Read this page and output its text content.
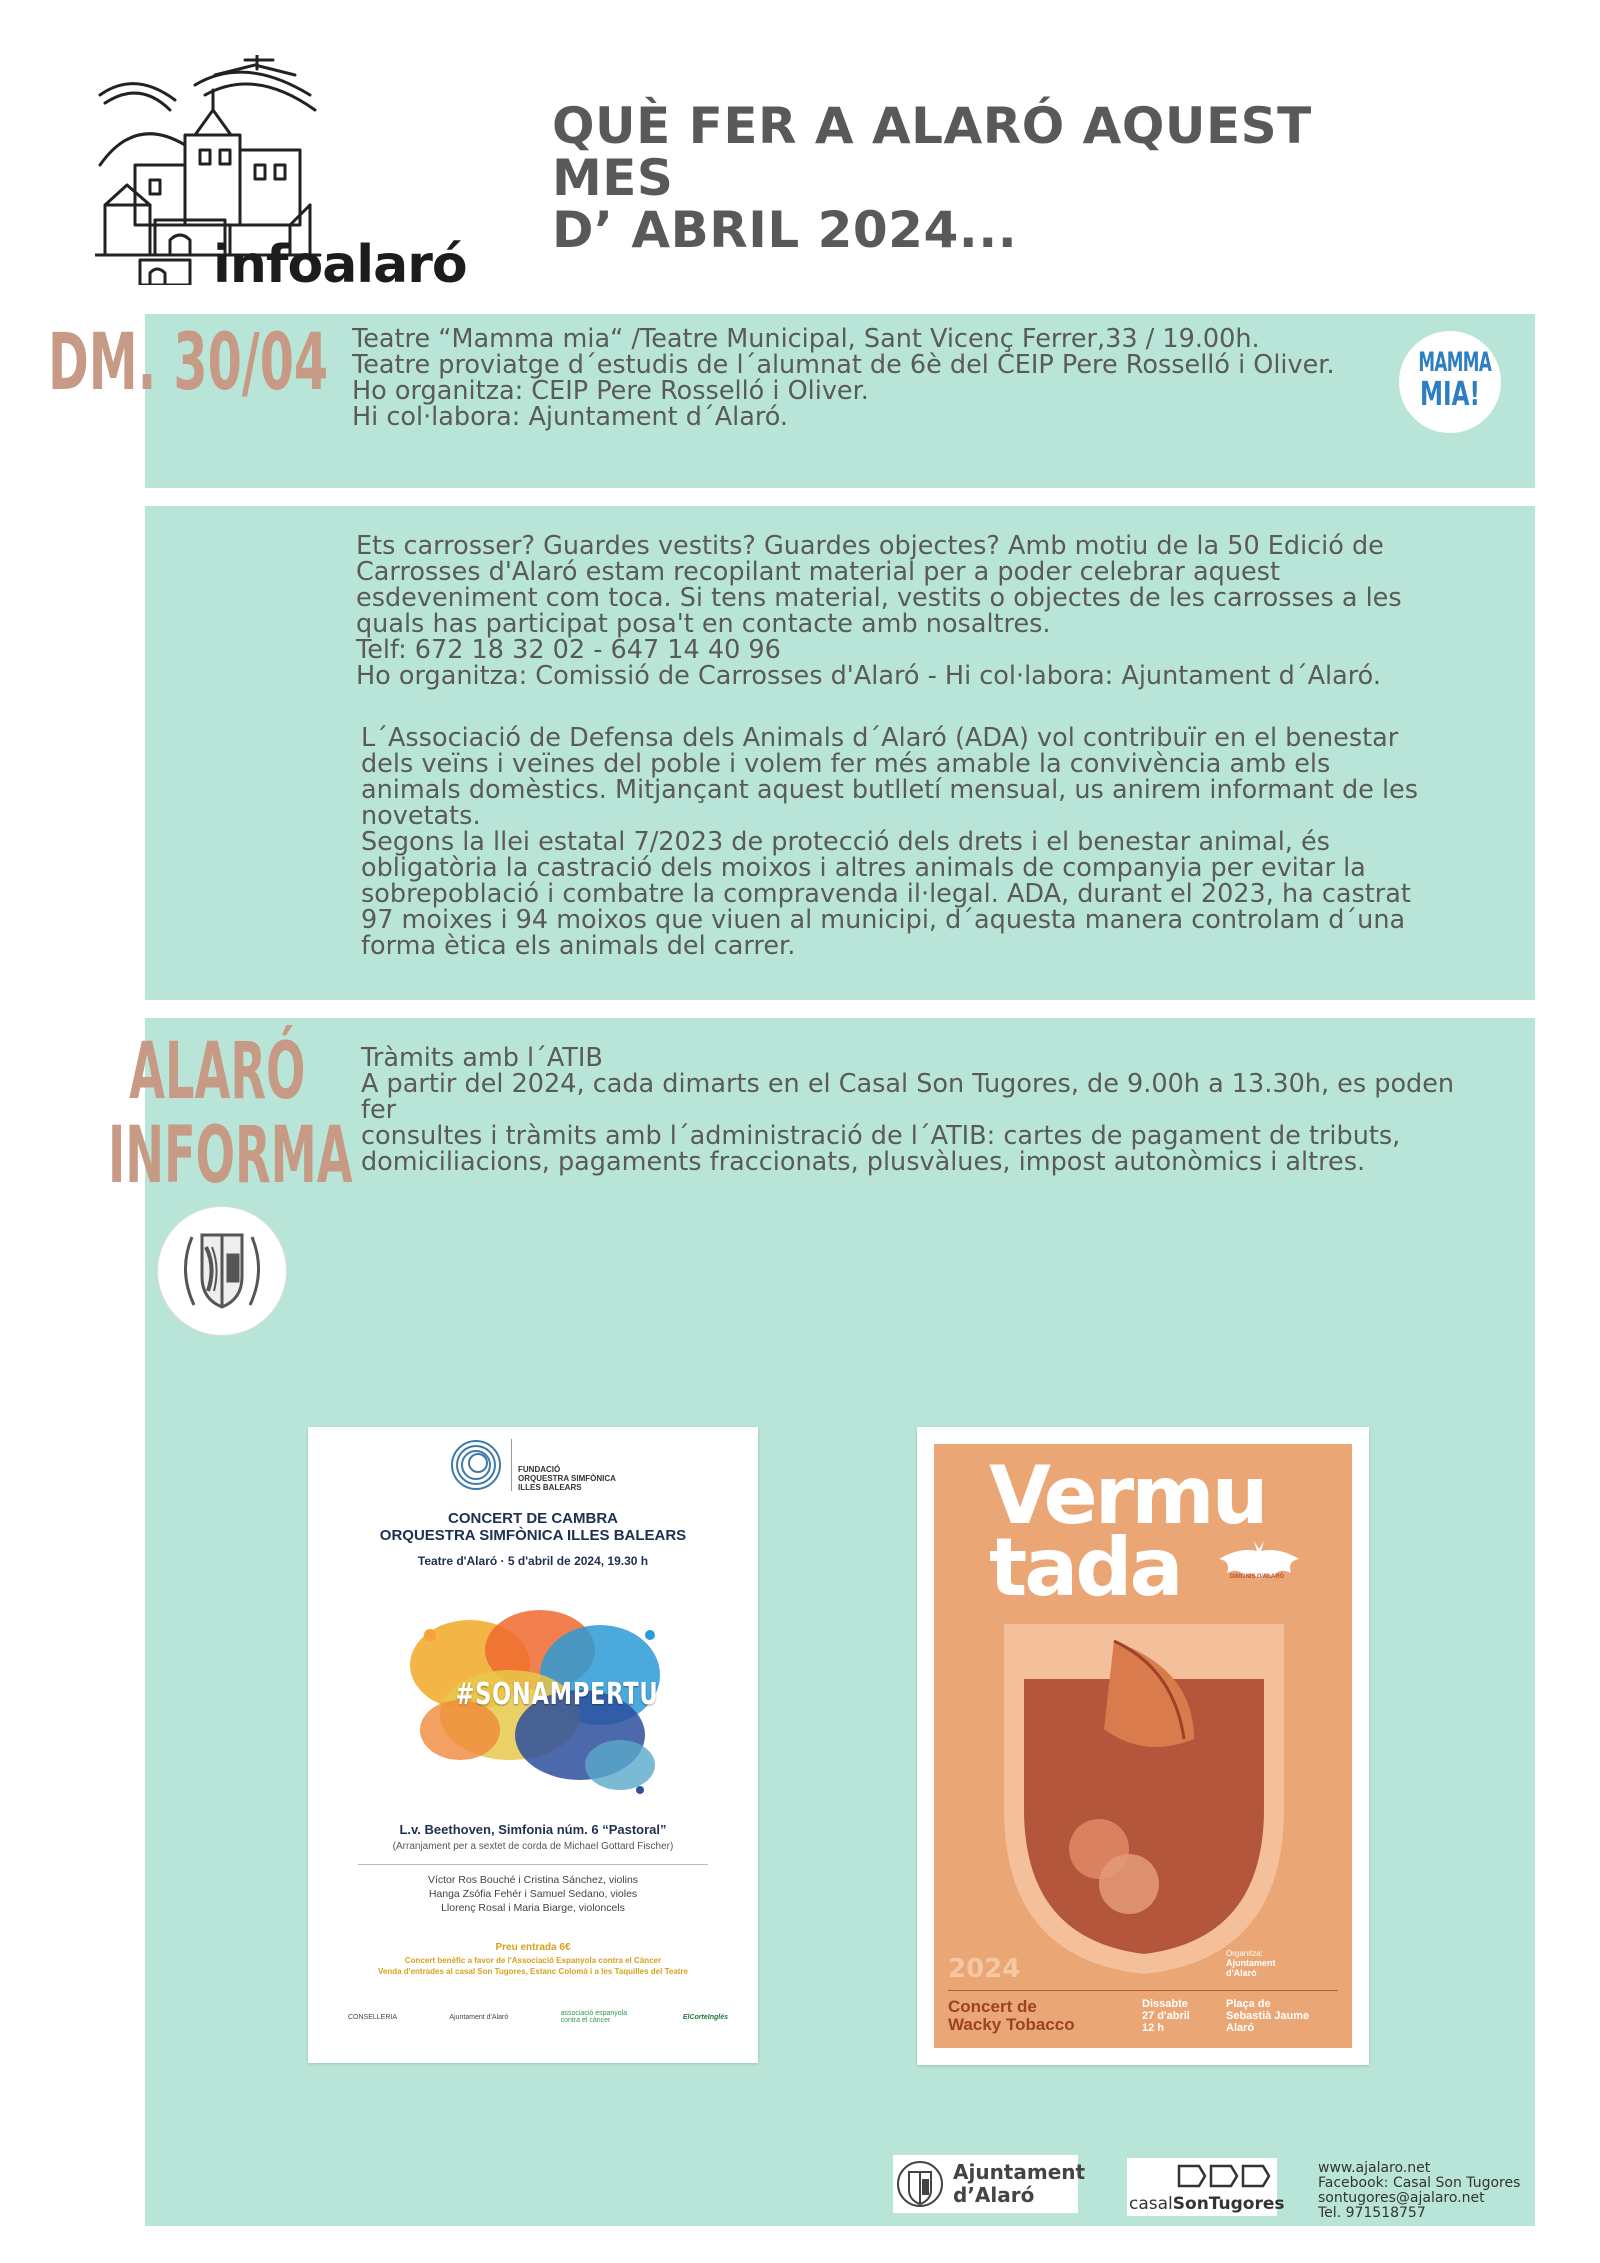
infoalaró
QUÈ FER A ALARÓ AQUEST MES
D’ ABRIL 2024...
DM. 30/04 Teatre “Mamma mia“ /Teatre Municipal, Sant Vicenç Ferrer,33 / 19.00h.
Teatre proviatge d´estudis de l´alumnat de 6è del CEIP Pere Rosselló i Oliver.
Ho organitza: CEIP Pere Rosselló i Oliver.
Hi col·labora: Ajuntament d´Alaró.
MAMMA
MIA!
Ets carrosser? Guardes vestits? Guardes objectes? Amb motiu de la 50 Edició de
Carrosses d'Alaró estam recopilant material per a poder celebrar aquest
esdeveniment com toca. Si tens material, vestits o objectes de les carrosses a les
quals has participat posa't en contacte amb nosaltres.
Telf: 672 18 32 02 - 647 14 40 96
Ho organitza: Comissió de Carrosses d'Alaró - Hi col·labora: Ajuntament d´Alaró.
L´Associació de Defensa dels Animals d´Alaró (ADA) vol contribuïr en el benestar
dels veïns i veïnes del poble i volem fer més amable la convivència amb els
animals domèstics. Mitjançant aquest butlletí mensual, us anirem informant de les
novetats.
Segons la llei estatal 7/2023 de protecció dels drets i el benestar animal, és
obligatòria la castració dels moixos i altres animals de companyia per evitar la
sobrepoblació i combatre la compravenda il·legal. ADA, durant el 2023, ha castrat
97 moixes i 94 moixos que viuen al municipi, d´aquesta manera controlam d´una
forma ètica els animals del carrer.
ALARÓ
INFORMA
Tràmits amb l´ATIB
A partir del 2024, cada dimarts en el Casal Son Tugores, de 9.00h a 13.30h, es poden fer
consultes i tràmits amb l´administració de l´ATIB: cartes de pagament de tributs,
domiciliacions, pagaments fraccionats, plusvàlues, impost autonòmics i altres.
FUNDACIÓ
ORQUESTRA SIMFÒNICA
ILLES BALEARS
CONCERT DE CAMBRA
ORQUESTRA SIMFÒNICA ILLES BALEARS
Teatre d'Alaró · 5 d'abril de 2024, 19.30 h
#SONAMPERTU
L.v. Beethoven, Simfonia núm. 6 “Pastoral”
(Arranjament per a sextet de corda de Michael Gottard Fischer)
Víctor Ros Bouché i Cristina Sánchez, violins
Hanga Zsófia Fehér i Samuel Sedano, violes
Llorenç Rosal i Maria Biarge, violoncels
Preu entrada 6€
Concert benèfic a favor de l'Associació Espanyola contra el Càncer
Venda d'entrades al casal Son Tugores, Estanc Colomà i a les Taquilles del Teatre
CONSELLERIA	Ajuntament d'Alaró	associació espanyola contra el càncer	ElCorteInglés
Vermu
tada	DIMONIS D'ALARÓ
2024
Organitza:
Ajuntament d'Alaró
Concert de
Wacky Tobacco
Dissabte
27 d'abril
12 h
Plaça de
Sebastià Jaume
Alaró
Ajuntament
d’Alaró	casalSonTugores
www.ajalaro.net
Facebook: Casal Son Tugores
sontugores@ajalaro.net
Tel. 971518757
